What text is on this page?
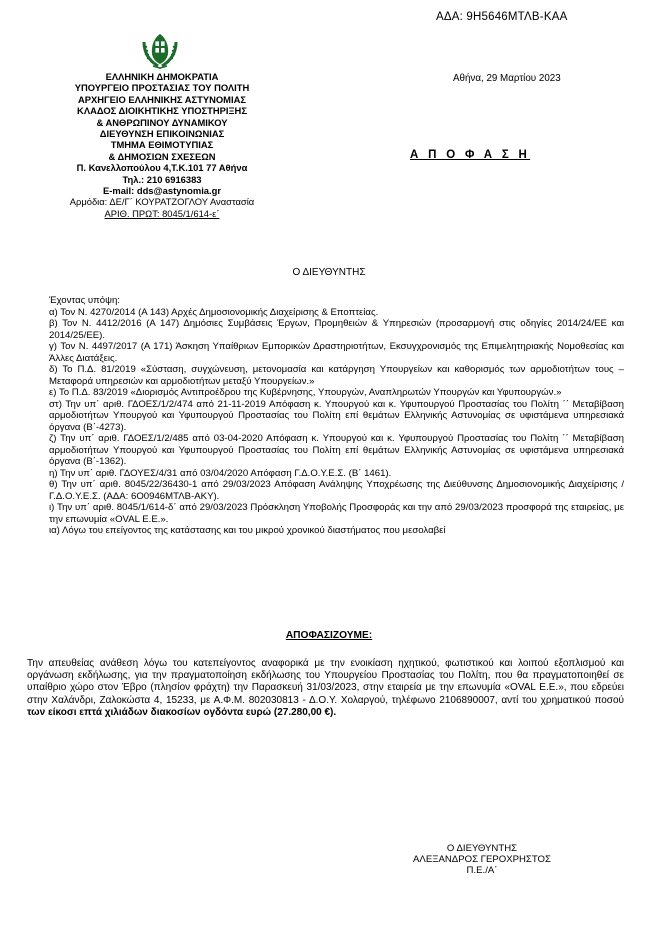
ΑΔΑ: 9Η5646ΜΤΛΒ-ΚΑΑ
ΕΛΛΗΝΙΚΗ ΔΗΜΟΚΡΑΤΙΑ
ΥΠΟΥΡΓΕΙΟ ΠΡΟΣΤΑΣΙΑΣ ΤΟΥ ΠΟΛΙΤΗ
ΑΡΧΗΓΕΙΟ ΕΛΛΗΝΙΚΗΣ ΑΣΤΥΝΟΜΙΑΣ
ΚΛΑΔΟΣ ΔΙΟΙΚΗΤΙΚΗΣ ΥΠΟΣΤΗΡΙΞΗΣ
& ΑΝΘΡΩΠΙΝΟΥ ΔΥΝΑΜΙΚΟΥ
ΔΙΕΥΘΥΝΣΗ ΕΠΙΚΟΙΝΩΝΙΑΣ
ΤΜΗΜΑ ΕΘΙΜΟΤΥΠΙΑΣ
& ΔΗΜΟΣΙΩΝ ΣΧΕΣΕΩΝ
Π. Κανελλοπούλου 4,Τ.Κ.101 77 Αθήνα
Τηλ.: 210 6916383
E-mail: dds@astynomia.gr
Αρμόδια: ΔΕ/Γ΄ ΚΟΥΡΑΤΖΟΓΛΟΥ Αναστασία
ΑΡΙΘ. ΠΡΩΤ: 8045/1/614-ε΄
Αθήνα, 29 Μαρτίου 2023
Α Π Ο Φ Α Σ Η
Ο ΔΙΕΥΘΥΝΤΗΣ

Έχοντας υπόψη:

α) Τον Ν. 4270/2014 (Α 143) Αρχές Δημοσιονομικής Διαχείρισης & Εποπτείας.

β) Τον Ν. 4412/2016 (Α 147) Δημόσιες Συμβάσεις Έργων, Προμηθειών & Υπηρεσιών (προσαρμογή στις οδηγίες 2014/24/ΕΕ και 2014/25/ΕΕ).

γ) Τον Ν. 4497/2017 (Α 171) Άσκηση Υπαίθριων Εμπορικών Δραστηριοτήτων, Εκσυγχρονισμός της Επιμελητηριακής Νομοθεσίας και Άλλες Διατάξεις.

δ) Το Π.Δ. 81/2019 «Σύσταση, συγχώνευση, μετονομασία και κατάργηση Υπουργείων και καθορισμός των αρμοδιοτήτων τους – Μεταφορά υπηρεσιών και αρμοδιοτήτων μεταξύ Υπουργείων.»

ε) Το Π.Δ. 83/2019 «Διορισμός Αντιπροέδρου της Κυβέρνησης, Υπουργών, Αναπληρωτών Υπουργών και Υφυπουργών.»

στ) Την υπ΄ αριθ. ΓΔΟΕΣ/1/2/474 από 21-11-2019 Απόφαση κ. Υπουργού και κ. Υφυπουργού Προστασίας του Πολίτη ΄΄ Μεταβίβαση αρμοδιοτήτων Υπουργού και Υφυπουργού Προστασίας του Πολίτη επί θεμάτων Ελληνικής Αστυνομίας σε υφιστάμενα υπηρεσιακά όργανα (Β΄-4273).

ζ) Την υπ΄ αριθ. ΓΔΟΕΣ/1/2/485 από 03-04-2020 Απόφαση κ. Υπουργού και κ. Υφυπουργού Προστασίας του Πολίτη ΄΄ Μεταβίβαση αρμοδιοτήτων Υπουργού και Υφυπουργού Προστασίας του Πολίτη επί θεμάτων Ελληνικής Αστυνομίας σε υφιστάμενα υπηρεσιακά όργανα (Β΄-1362).

η) Την υπ΄ αριθ. ΓΔΟΥΕΣ/4/31 από 03/04/2020 Απόφαση Γ.Δ.Ο.Υ.Ε.Σ. (Β΄ 1461).

θ) Την υπ΄ αριθ. 8045/22/36430-1 από 29/03/2023 Απόφαση Ανάληψης Υποχρέωσης της Διεύθυνσης Δημοσιονομικής Διαχείρισης / Γ.Δ.Ο.Υ.Ε.Σ. (ΑΔΑ: 6Ο0946ΜΤΛΒ-ΑΚΥ).

ι) Την υπ΄ αριθ. 8045/1/614-δ΄ από 29/03/2023 Πρόσκληση Υποβολής Προσφοράς και την από 29/03/2023 προσφορά της εταιρείας, με την επωνυμία «OVAL E.E.».

ια) Λόγω του επείγοντος της κατάστασης και του μικρού χρονικού διαστήματος που μεσολαβεί

ΑΠΟΦΑΣΙΖΟΥΜΕ:
Την απευθείας ανάθεση λόγω του κατεπείγοντος αναφορικά με την ενοικίαση ηχητικού, φωτιστικού και λοιπού εξοπλισμού και οργάνωση εκδήλωσης, για την πραγματοποίηση εκδήλωσης του Υπουργείου Προστασίας του Πολίτη, που θα πραγματοποιηθεί σε υπαίθριο χώρο στον Έβρο (πλησίον φράχτη) την Παρασκευή 31/03/2023, στην εταιρεία με την επωνυμία «OVAL E.E.», που εδρεύει στην Χαλάνδρι, Ζαλοκώστα 4, 15233, με Α.Φ.Μ. 802030813 - Δ.Ο.Υ. Χολαργού, τηλέφωνο 2106890007, αντί του χρηματικού ποσού των είκοσι επτά χιλιάδων διακοσίων ογδόντα ευρώ (27.280,00 €).
Ο ΔΙΕΥΘΥΝΤΗΣ
ΑΛΕΞΑΝΔΡΟΣ ΓΕΡΟΧΡΗΣΤΟΣ
Π.Ε./Α΄
